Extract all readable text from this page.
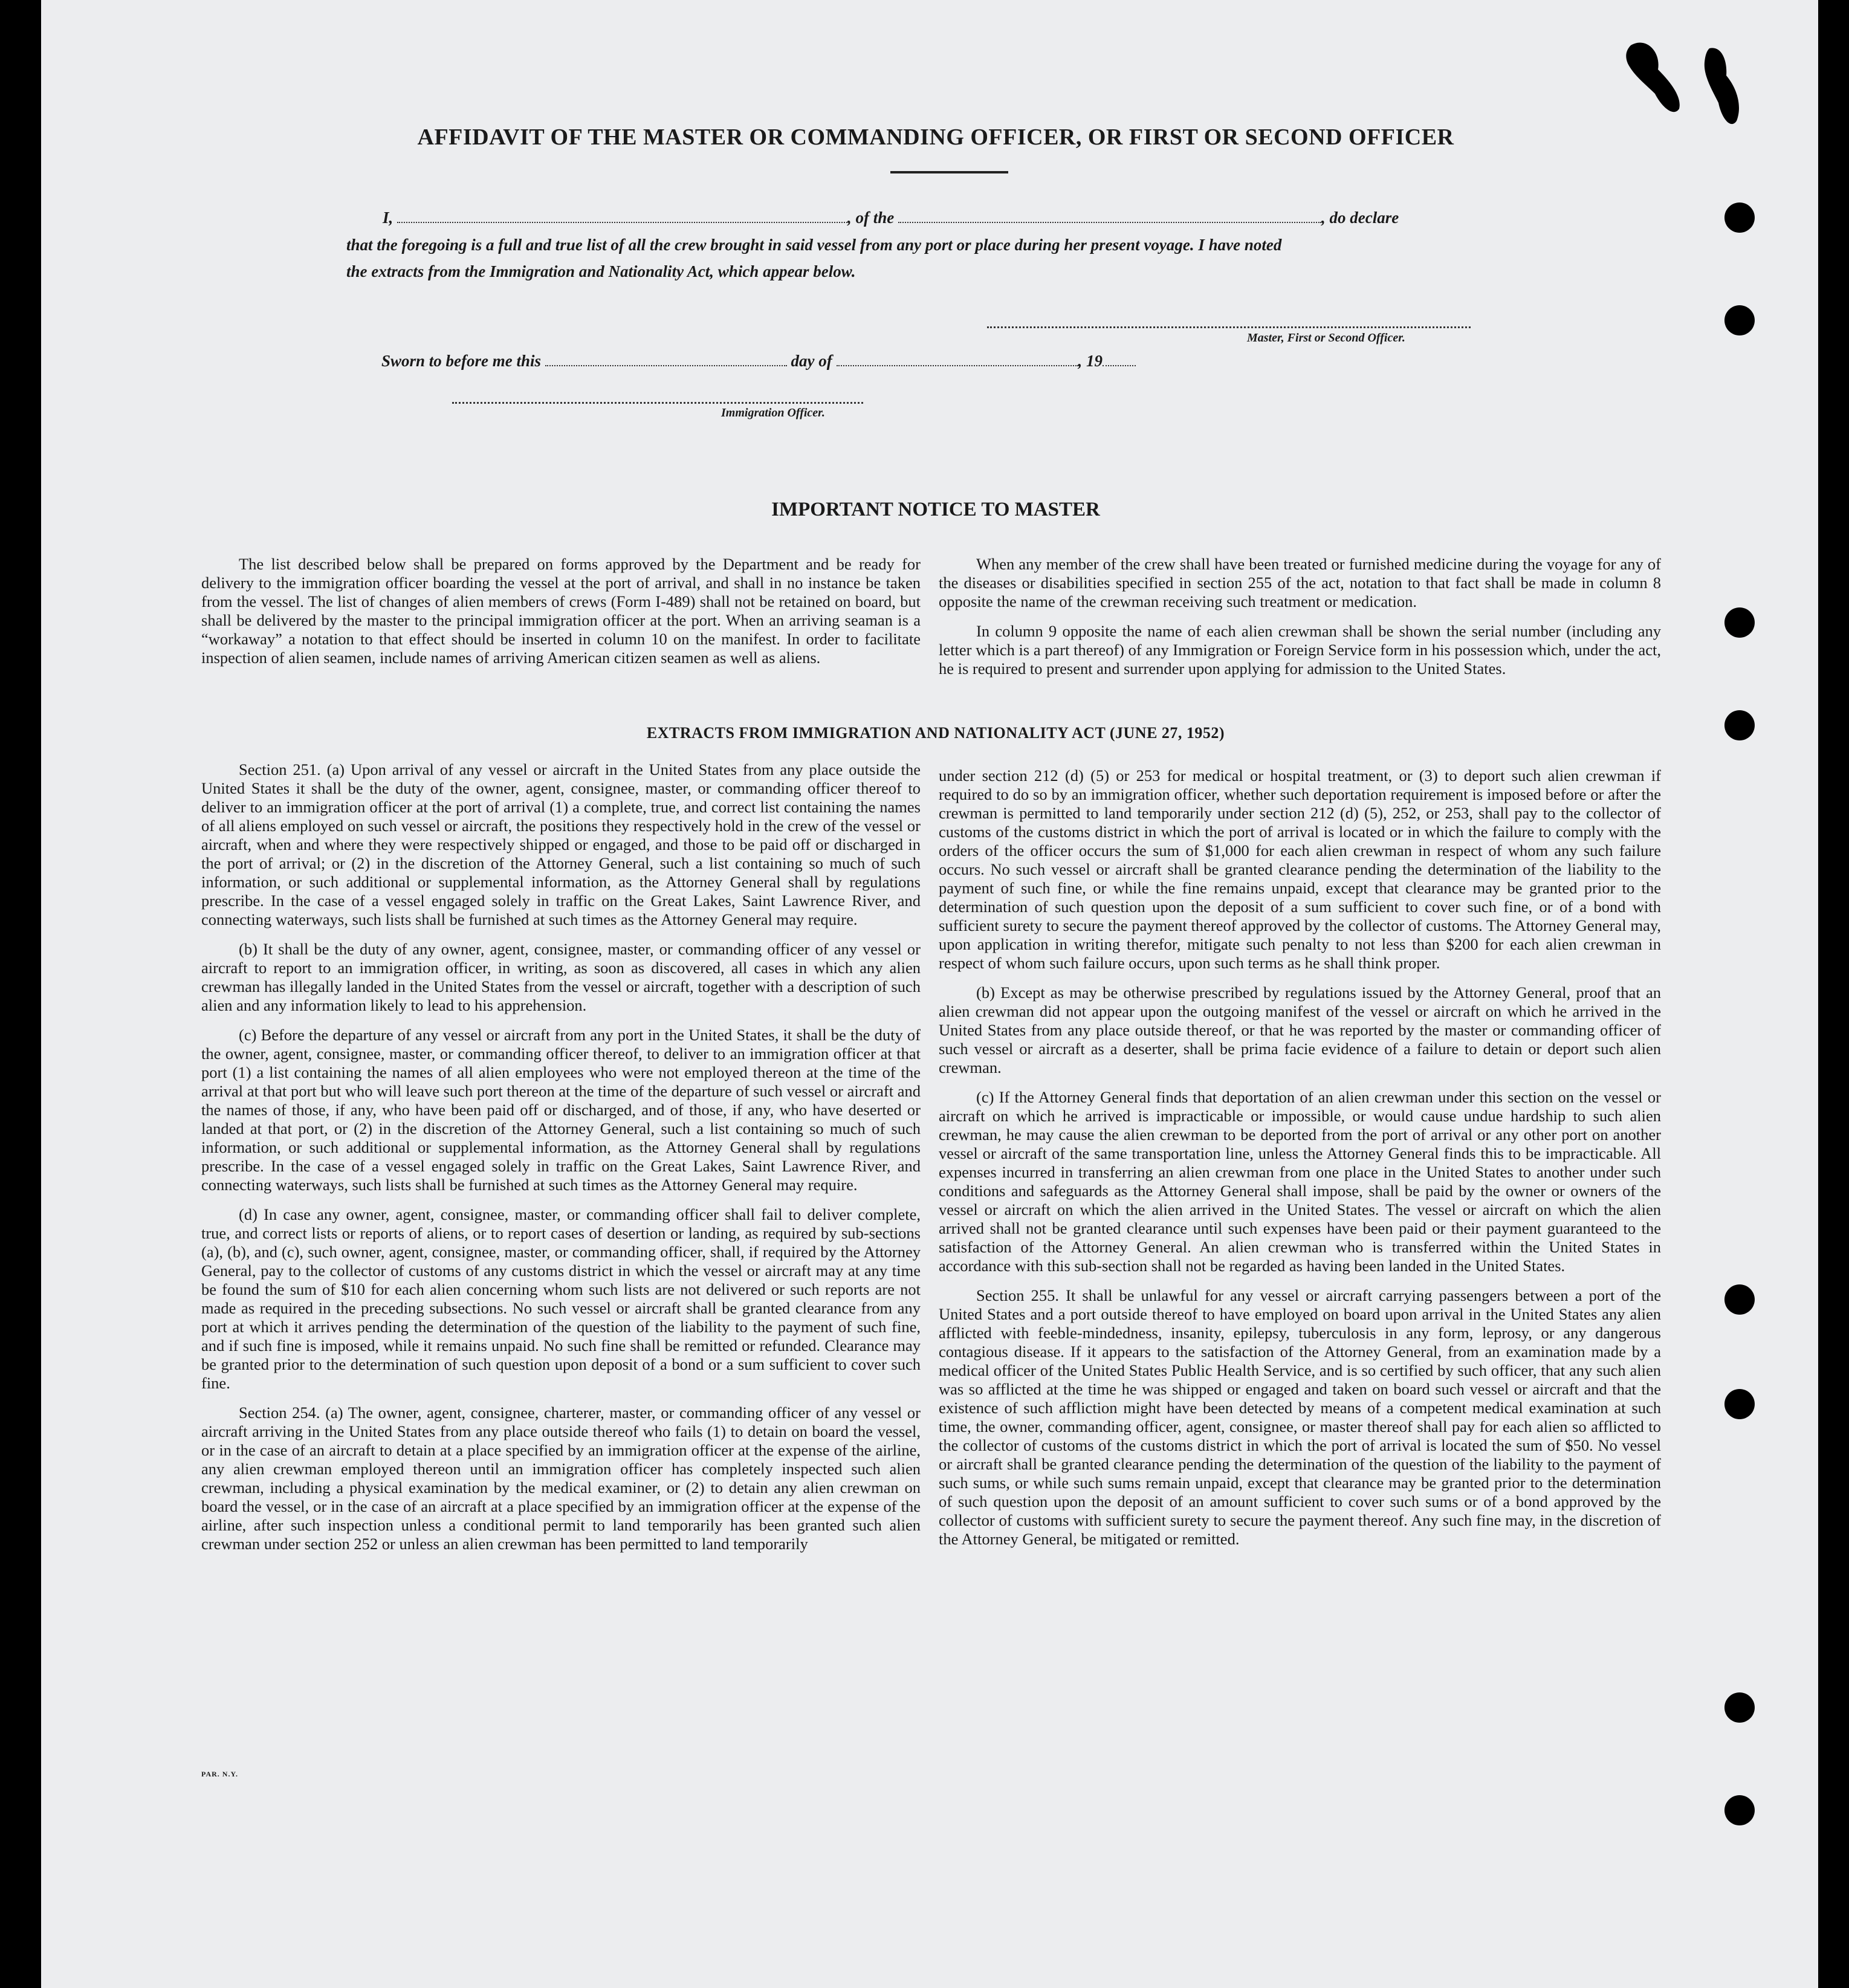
AFFIDAVIT OF THE MASTER OR COMMANDING OFFICER, OR FIRST OR SECOND OFFICER
I,	, of the	, do declare
that the foregoing is a full and true list of all the crew brought in said vessel from any port or place during her present voyage. I have noted
the extracts from the Immigration and Nationality Act, which appear below.
Master, First or Second Officer.
Sworn to before me this	day of	, 19
Immigration Officer.
IMPORTANT NOTICE TO MASTER

The list described below shall be prepared on forms approved by the Department and be ready for delivery to the immigration officer boarding the vessel at the port of arrival, and shall in no instance be taken from the vessel. The list of changes of alien members of crews (Form I-489) shall not be retained on board, but shall be delivered by the master to the principal immigration officer at the port. When an arriving seaman is a “workaway” a notation to that effect should be inserted in column 10 on the manifest. In order to facilitate inspection of alien seamen, include names of arriving American citizen seamen as well as aliens.

When any member of the crew shall have been treated or furnished medicine during the voyage for any of the diseases or disabilities specified in section 255 of the act, notation to that fact shall be made in column 8 opposite the name of the crewman receiving such treatment or medication.

In column 9 opposite the name of each alien crewman shall be shown the serial number (including any letter which is a part thereof) of any Immigration or Foreign Service form in his possession which, under the act, he is required to present and surrender upon applying for admission to the United States.

EXTRACTS FROM IMMIGRATION AND NATIONALITY ACT (JUNE 27, 1952)

Section 251. (a) Upon arrival of any vessel or aircraft in the United States from any place outside the United States it shall be the duty of the owner, agent, consignee, master, or commanding officer thereof to deliver to an immigration officer at the port of arrival (1) a complete, true, and correct list containing the names of all aliens employed on such vessel or aircraft, the positions they respectively hold in the crew of the vessel or aircraft, when and where they were respectively shipped or engaged, and those to be paid off or discharged in the port of arrival; or (2) in the discretion of the Attorney General, such a list containing so much of such information, or such additional or supplemental information, as the Attorney General shall by regulations prescribe. In the case of a vessel engaged solely in traffic on the Great Lakes, Saint Lawrence River, and connecting waterways, such lists shall be furnished at such times as the Attorney General may require.

(b) It shall be the duty of any owner, agent, consignee, master, or commanding officer of any vessel or aircraft to report to an immigration officer, in writing, as soon as discovered, all cases in which any alien crewman has illegally landed in the United States from the vessel or aircraft, together with a description of such alien and any information likely to lead to his apprehension.

(c) Before the departure of any vessel or aircraft from any port in the United States, it shall be the duty of the owner, agent, consignee, master, or commanding officer thereof, to deliver to an immigration officer at that port (1) a list containing the names of all alien employees who were not employed thereon at the time of the arrival at that port but who will leave such port thereon at the time of the departure of such vessel or aircraft and the names of those, if any, who have been paid off or discharged, and of those, if any, who have deserted or landed at that port, or (2) in the discretion of the Attorney General, such a list containing so much of such information, or such additional or supplemental information, as the Attorney General shall by regulations prescribe. In the case of a vessel engaged solely in traffic on the Great Lakes, Saint Lawrence River, and connecting waterways, such lists shall be furnished at such times as the Attorney General may require.

(d) In case any owner, agent, consignee, master, or commanding officer shall fail to deliver complete, true, and correct lists or reports of aliens, or to report cases of desertion or landing, as required by sub-sections (a), (b), and (c), such owner, agent, consignee, master, or commanding officer, shall, if required by the Attorney General, pay to the collector of customs of any customs district in which the vessel or aircraft may at any time be found the sum of $10 for each alien concerning whom such lists are not delivered or such reports are not made as required in the preceding subsections. No such vessel or aircraft shall be granted clearance from any port at which it arrives pending the determination of the question of the liability to the payment of such fine, and if such fine is imposed, while it remains unpaid. No such fine shall be remitted or refunded. Clearance may be granted prior to the determination of such question upon deposit of a bond or a sum sufficient to cover such fine.

Section 254. (a) The owner, agent, consignee, charterer, master, or commanding officer of any vessel or aircraft arriving in the United States from any place outside thereof who fails (1) to detain on board the vessel, or in the case of an aircraft to detain at a place specified by an immigration officer at the expense of the airline, any alien crewman employed thereon until an immigration officer has completely inspected such alien crewman, including a physical examination by the medical examiner, or (2) to detain any alien crewman on board the vessel, or in the case of an aircraft at a place specified by an immigration officer at the expense of the airline, after such inspection unless a conditional permit to land temporarily has been granted such alien crewman under section 252 or unless an alien crewman has been permitted to land temporarily

under section 212 (d) (5) or 253 for medical or hospital treatment, or (3) to deport such alien crewman if required to do so by an immigration officer, whether such deportation requirement is imposed before or after the crewman is permitted to land temporarily under section 212 (d) (5), 252, or 253, shall pay to the collector of customs of the customs district in which the port of arrival is located or in which the failure to comply with the orders of the officer occurs the sum of $1,000 for each alien crewman in respect of whom any such failure occurs. No such vessel or aircraft shall be granted clearance pending the determination of the liability to the payment of such fine, or while the fine remains unpaid, except that clearance may be granted prior to the determination of such question upon the deposit of a sum sufficient to cover such fine, or of a bond with sufficient surety to secure the payment thereof approved by the collector of customs. The Attorney General may, upon application in writing therefor, mitigate such penalty to not less than $200 for each alien crewman in respect of whom such failure occurs, upon such terms as he shall think proper.

(b) Except as may be otherwise prescribed by regulations issued by the Attorney General, proof that an alien crewman did not appear upon the outgoing manifest of the vessel or aircraft on which he arrived in the United States from any place outside thereof, or that he was reported by the master or commanding officer of such vessel or aircraft as a deserter, shall be prima facie evidence of a failure to detain or deport such alien crewman.

(c) If the Attorney General finds that deportation of an alien crewman under this section on the vessel or aircraft on which he arrived is impracticable or impossible, or would cause undue hardship to such alien crewman, he may cause the alien crewman to be deported from the port of arrival or any other port on another vessel or aircraft of the same transportation line, unless the Attorney General finds this to be impracticable. All expenses incurred in transferring an alien crewman from one place in the United States to another under such conditions and safeguards as the Attorney General shall impose, shall be paid by the owner or owners of the vessel or aircraft on which the alien arrived in the United States. The vessel or aircraft on which the alien arrived shall not be granted clearance until such expenses have been paid or their payment guaranteed to the satisfaction of the Attorney General. An alien crewman who is transferred within the United States in accordance with this sub-section shall not be regarded as having been landed in the United States.

Section 255. It shall be unlawful for any vessel or aircraft carrying passengers between a port of the United States and a port outside thereof to have employed on board upon arrival in the United States any alien afflicted with feeble-mindedness, insanity, epilepsy, tuberculosis in any form, leprosy, or any dangerous contagious disease. If it appears to the satisfaction of the Attorney General, from an examination made by a medical officer of the United States Public Health Service, and is so certified by such officer, that any such alien was so afflicted at the time he was shipped or engaged and taken on board such vessel or aircraft and that the existence of such affliction might have been detected by means of a competent medical examination at such time, the owner, commanding officer, agent, consignee, or master thereof shall pay for each alien so afflicted to the collector of customs of the customs district in which the port of arrival is located the sum of $50. No vessel or aircraft shall be granted clearance pending the determination of the question of the liability to the payment of such sums, or while such sums remain unpaid, except that clearance may be granted prior to the determination of such question upon the deposit of an amount sufficient to cover such sums or of a bond approved by the collector of customs with sufficient surety to secure the payment thereof. Any such fine may, in the discretion of the Attorney General, be mitigated or remitted.

PAR. N.Y.
